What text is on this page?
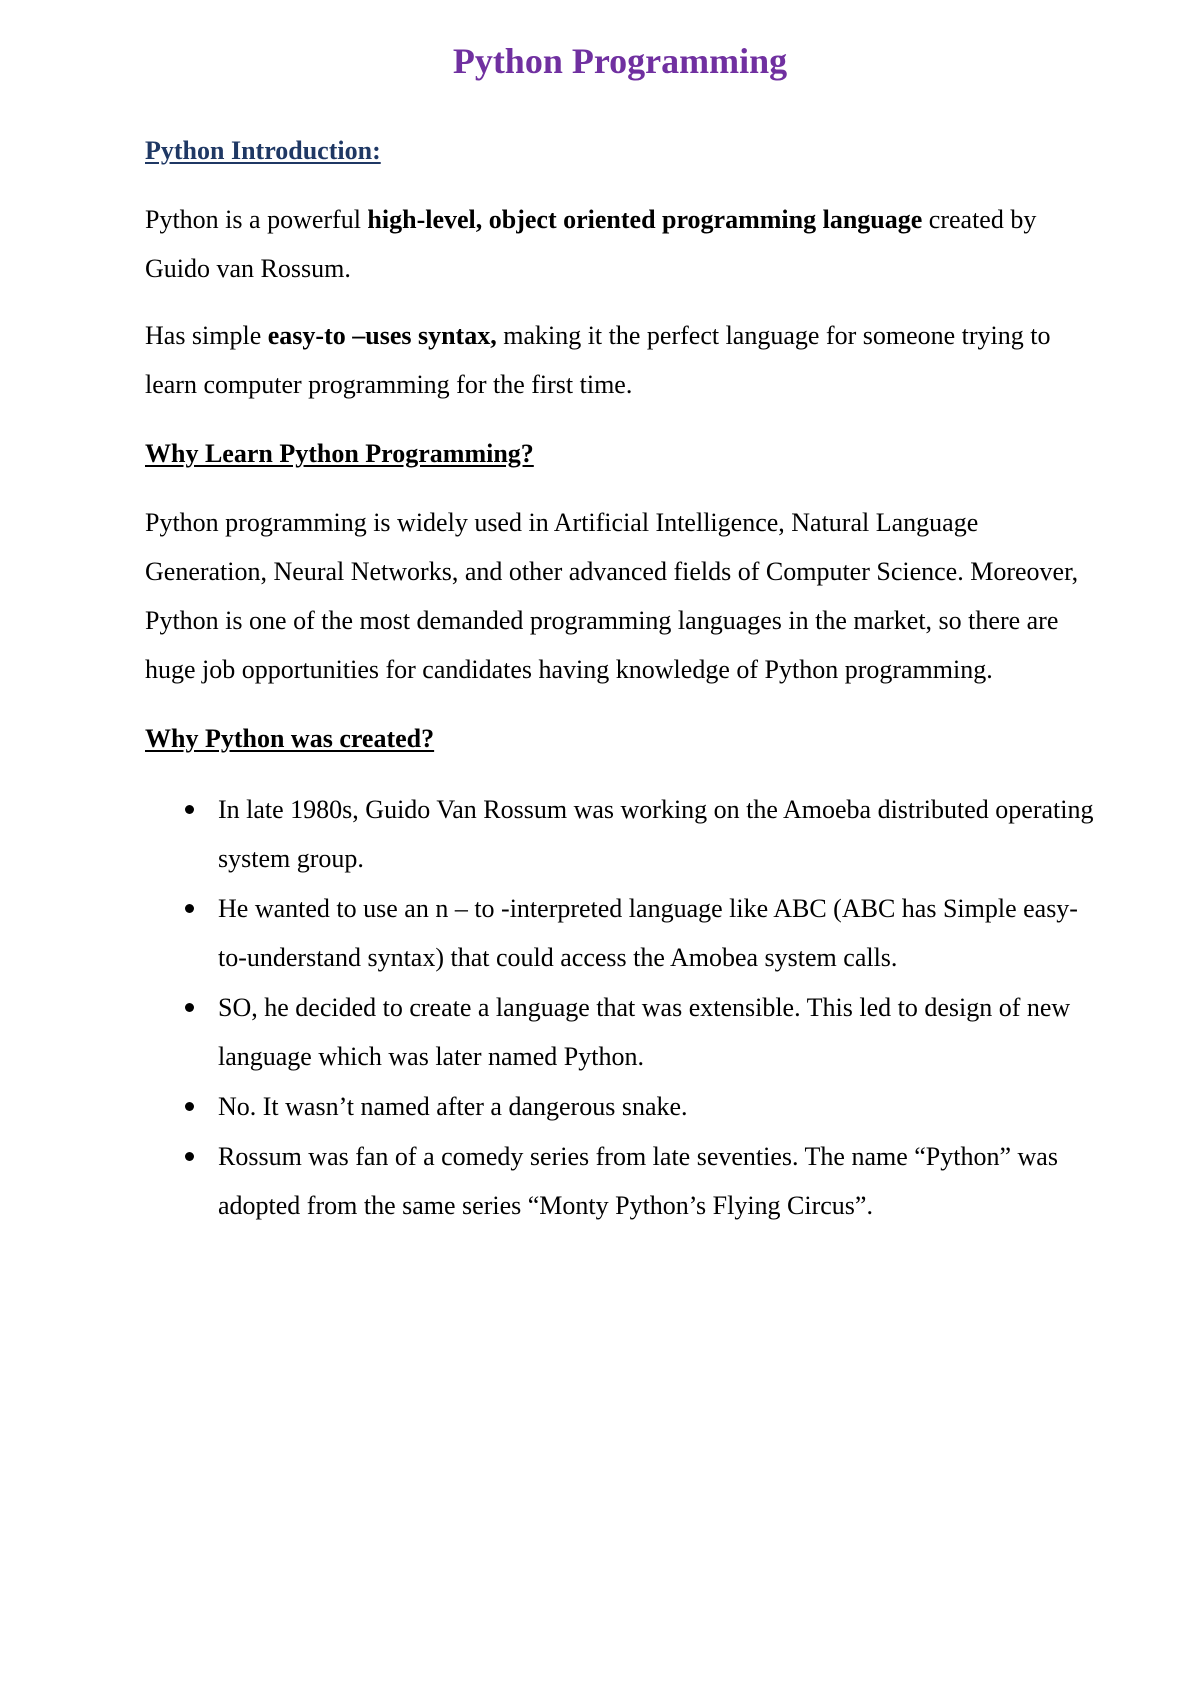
Python Programming

Python Introduction:

Python is a powerful high-level, object oriented programming language created by Guido van Rossum.

Has simple easy-to –uses syntax, making it the perfect language for someone trying to learn computer programming for the first time.

Why Learn Python Programming?

Python programming is widely used in Artificial Intelligence, Natural Language Generation, Neural Networks, and other advanced fields of Computer Science. Moreover, Python is one of the most demanded programming languages in the market, so there are huge job opportunities for candidates having knowledge of Python programming.

Why Python was created?

In late 1980s, Guido Van Rossum was working on the Amoeba distributed operating system group.
He wanted to use an n – to -interpreted language like ABC (ABC has Simple easy-to-understand syntax) that could access the Amobea system calls.
SO, he decided to create a language that was extensible. This led to design of new language which was later named Python.
No. It wasn’t named after a dangerous snake.
Rossum was fan of a comedy series from late seventies. The name “Python” was adopted from the same series “Monty Python’s Flying Circus”.
